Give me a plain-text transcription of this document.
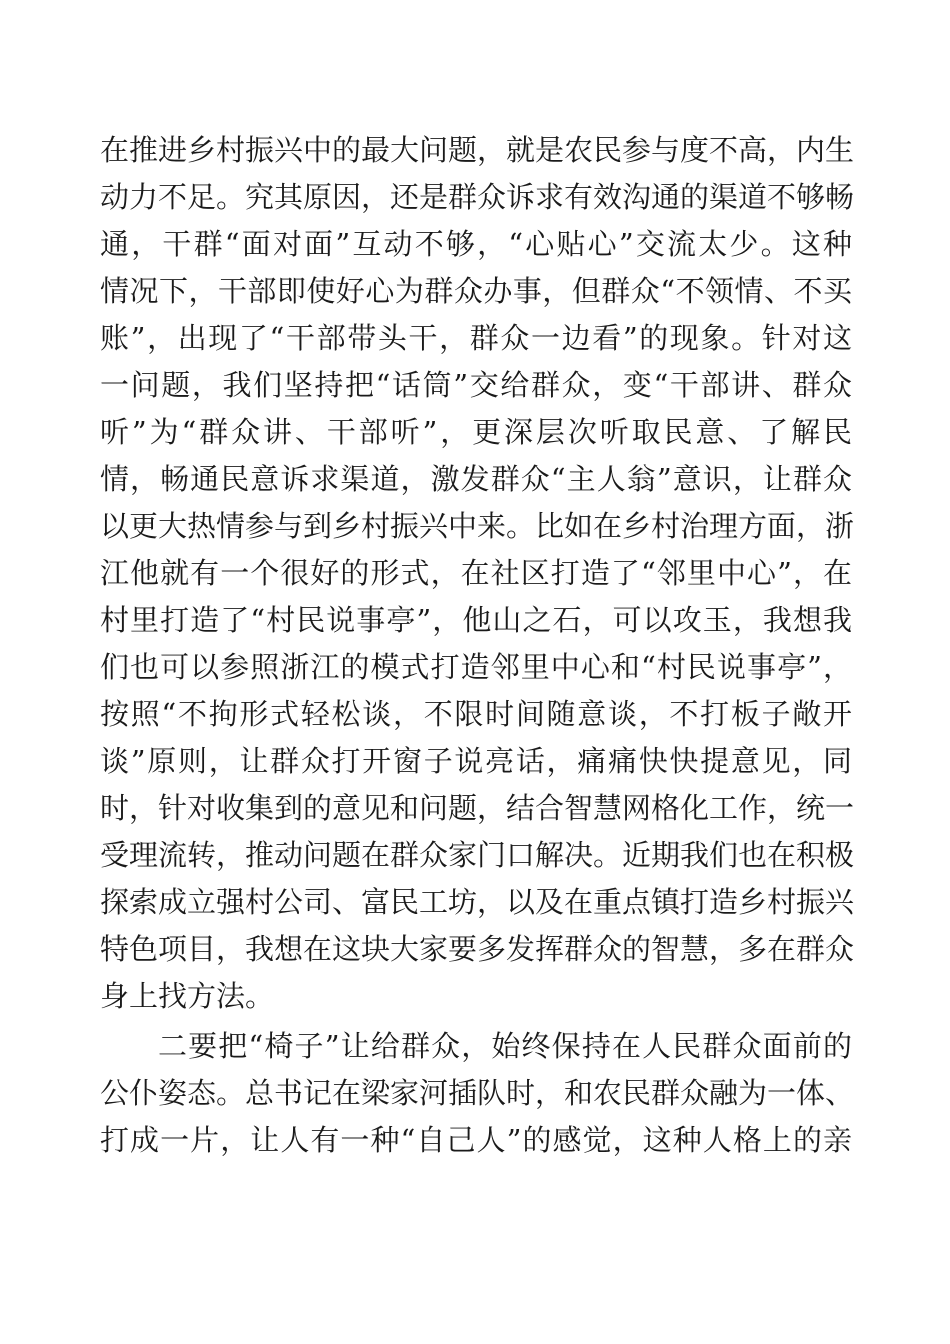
在推进乡村振兴中的最大问题，就是农民参与度不高，内生
动力不足。究其原因，还是群众诉求有效沟通的渠道不够畅
通，干群“面对面”互动不够，“心贴心”交流太少。这种
情况下，干部即使好心为群众办事，但群众“不领情、不买
账”，出现了“干部带头干，群众一边看”的现象。针对这
一问题，我们坚持把“话筒”交给群众，变“干部讲、群众
听”为“群众讲、干部听”，更深层次听取民意、了解民
情，畅通民意诉求渠道，激发群众“主人翁”意识，让群众
以更大热情参与到乡村振兴中来。比如在乡村治理方面，浙
江他就有一个很好的形式，在社区打造了“邻里中心”，在
村里打造了“村民说事亭”，他山之石，可以攻玉，我想我
们也可以参照浙江的模式打造邻里中心和“村民说事亭”，
按照“不拘形式轻松谈，不限时间随意谈，不打板子敞开
谈”原则，让群众打开窗子说亮话，痛痛快快提意见，同
时，针对收集到的意见和问题，结合智慧网格化工作，统一
受理流转，推动问题在群众家门口解决。近期我们也在积极
探索成立强村公司、富民工坊，以及在重点镇打造乡村振兴
特色项目，我想在这块大家要多发挥群众的智慧，多在群众
身上找方法。
二要把“椅子”让给群众，始终保持在人民群众面前的
公仆姿态。总书记在梁家河插队时，和农民群众融为一体、
打成一片，让人有一种“自己人”的感觉，这种人格上的亲
